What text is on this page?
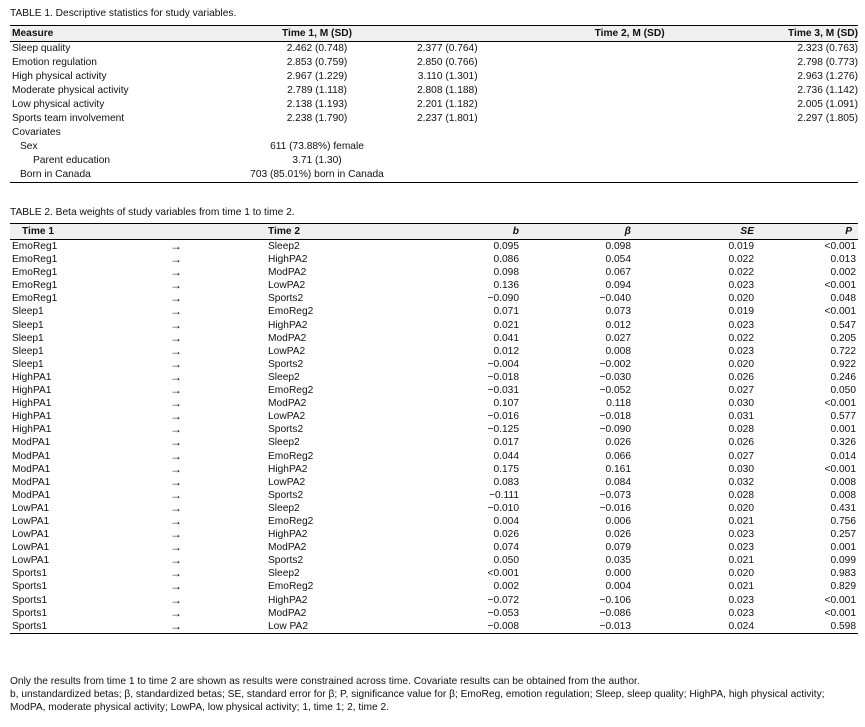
TABLE 1. Descriptive statistics for study variables.
Measure	Time 1, M (SD)	Time 2, M (SD)	Time 3, M (SD)
Sleep quality	2.462 (0.748)	2.377 (0.764)	2.323 (0.763)
Emotion regulation	2.853 (0.759)	2.850 (0.766)	2.798 (0.773)
High physical activity	2.967 (1.229)	3.110 (1.301)	2.963 (1.276)
Moderate physical activity	2.789 (1.118)	2.808 (1.188)	2.736 (1.142)
Low physical activity	2.138 (1.193)	2.201 (1.182)	2.005 (1.091)
Sports team involvement	2.238 (1.790)	2.237 (1.801)	2.297 (1.805)
Covariates			
Sex	611 (73.88%) female		
Parent education	3.71 (1.30)		
Born in Canada	703 (85.01%) born in Canada		
TABLE 2. Beta weights of study variables from time 1 to time 2.
Time 1		Time 2	b	β	SE	P
EmoReg1	→	Sleep2	0.095	0.098	0.019	<0.001
EmoReg1	→	HighPA2	0.086	0.054	0.022	0.013
EmoReg1	→	ModPA2	0.098	0.067	0.022	0.002
EmoReg1	→	LowPA2	0.136	0.094	0.023	<0.001
EmoReg1	→	Sports2	−0.090	−0.040	0.020	0.048
Sleep1	→	EmoReg2	0.071	0.073	0.019	<0.001
Sleep1	→	HighPA2	0.021	0.012	0.023	0.547
Sleep1	→	ModPA2	0.041	0.027	0.022	0.205
Sleep1	→	LowPA2	0.012	0.008	0.023	0.722
Sleep1	→	Sports2	−0.004	−0.002	0.020	0.922
HighPA1	→	Sleep2	−0.018	−0.030	0.026	0.246
HighPA1	→	EmoReg2	−0.031	−0.052	0.027	0.050
HighPA1	→	ModPA2	0.107	0.118	0.030	<0.001
HighPA1	→	LowPA2	−0.016	−0.018	0.031	0.577
HighPA1	→	Sports2	−0.125	−0.090	0.028	0.001
ModPA1	→	Sleep2	0.017	0.026	0.026	0.326
ModPA1	→	EmoReg2	0.044	0.066	0.027	0.014
ModPA1	→	HighPA2	0.175	0.161	0.030	<0.001
ModPA1	→	LowPA2	0.083	0.084	0.032	0.008
ModPA1	→	Sports2	−0.111	−0.073	0.028	0.008
LowPA1	→	Sleep2	−0.010	−0.016	0.020	0.431
LowPA1	→	EmoReg2	0.004	0.006	0.021	0.756
LowPA1	→	HighPA2	0.026	0.026	0.023	0.257
LowPA1	→	ModPA2	0.074	0.079	0.023	0.001
LowPA1	→	Sports2	0.050	0.035	0.021	0.099
Sports1	→	Sleep2	<0.001	0.000	0.020	0.983
Sports1	→	EmoReg2	0.002	0.004	0.021	0.829
Sports1	→	HighPA2	−0.072	−0.106	0.023	<0.001
Sports1	→	ModPA2	−0.053	−0.086	0.023	<0.001
Sports1	→	Low PA2	−0.008	−0.013	0.024	0.598
Only the results from time 1 to time 2 are shown as results were constrained across time. Covariate results can be obtained from the author.
b, unstandardized betas; β, standardized betas; SE, standard error for β; P, significance value for β; EmoReg, emotion regulation; Sleep, sleep quality; HighPA, high physical activity; ModPA, moderate physical activity; LowPA, low physical activity; 1, time 1; 2, time 2.
